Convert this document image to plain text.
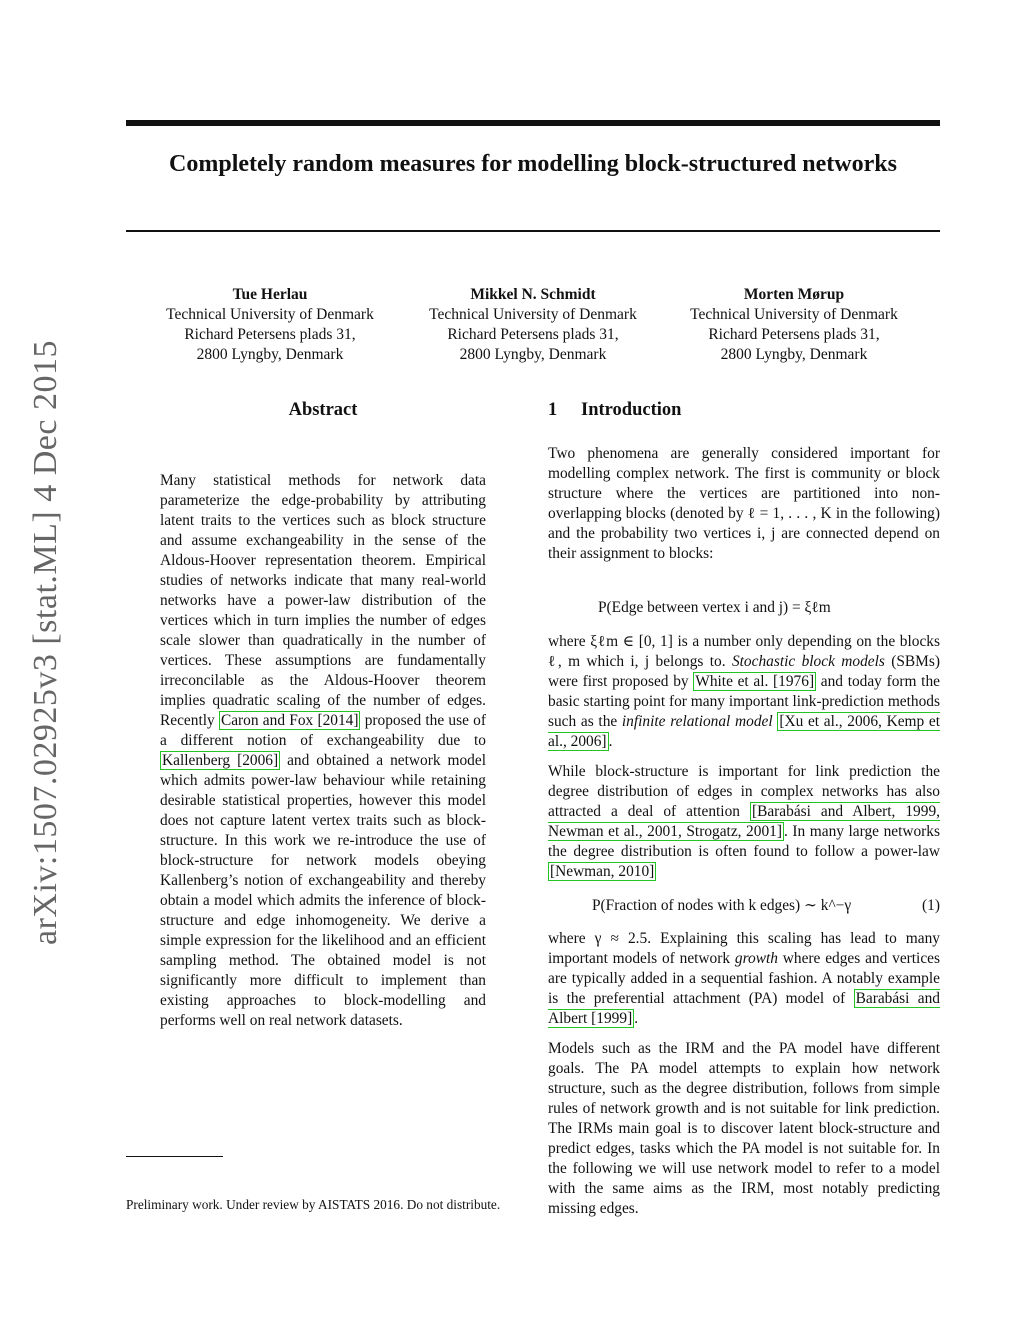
Completely random measures for modelling block-structured networks
arXiv:1507.02925v3 [stat.ML] 4 Dec 2015
Tue Herlau
Technical University of Denmark
Richard Petersens plads 31,
2800 Lyngby, Denmark
Mikkel N. Schmidt
Technical University of Denmark
Richard Petersens plads 31,
2800 Lyngby, Denmark
Morten Mørup
Technical University of Denmark
Richard Petersens plads 31,
2800 Lyngby, Denmark
Abstract

Many statistical methods for network data parameterize the edge-probability by attributing latent traits to the vertices such as block structure and assume exchangeability in the sense of the Aldous-Hoover representation theorem. Empirical studies of networks indicate that many real-world networks have a power-law distribution of the vertices which in turn implies the number of edges scale slower than quadratically in the number of vertices. These assumptions are fundamentally irreconcilable as the Aldous-Hoover theorem implies quadratic scaling of the number of edges. Recently Caron and Fox [2014] proposed the use of a different notion of exchangeability due to Kallenberg [2006] and obtained a network model which admits power-law behaviour while retaining desirable statistical properties, however this model does not capture latent vertex traits such as block-structure. In this work we re-introduce the use of block-structure for network models obeying Kallenberg’s notion of exchangeability and thereby obtain a model which admits the inference of block-structure and edge inhomogeneity. We derive a simple expression for the likelihood and an efficient sampling method. The obtained model is not significantly more difficult to implement than existing approaches to block-modelling and performs well on real network datasets.

Preliminary work. Under review by AISTATS 2016. Do not distribute.

1 Introduction

Two phenomena are generally considered important for modelling complex network. The first is community or block structure where the vertices are partitioned into non-overlapping blocks (denoted by ℓ = 1, . . . , K in the following) and the probability two vertices i, j are connected depend on their assignment to blocks:

P(Edge between vertex i and j) = ξℓm

where ξℓm ∈ [0, 1] is a number only depending on the blocks ℓ, m which i, j belongs to. Stochastic block models (SBMs) were first proposed by White et al. [1976] and today form the basic starting point for many important link-prediction methods such as the infinite relational model [Xu et al., 2006, Kemp et al., 2006] .

While block-structure is important for link prediction the degree distribution of edges in complex networks has also attracted a deal of attention [Barabási and Albert, 1999, Newman et al., 2001, Strogatz, 2001] . In many large networks the degree distribution is often found to follow a power-law [Newman, 2010]

P(Fraction of nodes with k edges) ∼ k^−γ	(1)

where γ ≈ 2.5. Explaining this scaling has lead to many important models of network growth where edges and vertices are typically added in a sequential fashion. A notably example is the preferential attachment (PA) model of Barabási and Albert [1999] .

Models such as the IRM and the PA model have different goals. The PA model attempts to explain how network structure, such as the degree distribution, follows from simple rules of network growth and is not suitable for link prediction. The IRMs main goal is to discover latent block-structure and predict edges, tasks which the PA model is not suitable for. In the following we will use network model to refer to a model with the same aims as the IRM, most notably predicting missing edges.
